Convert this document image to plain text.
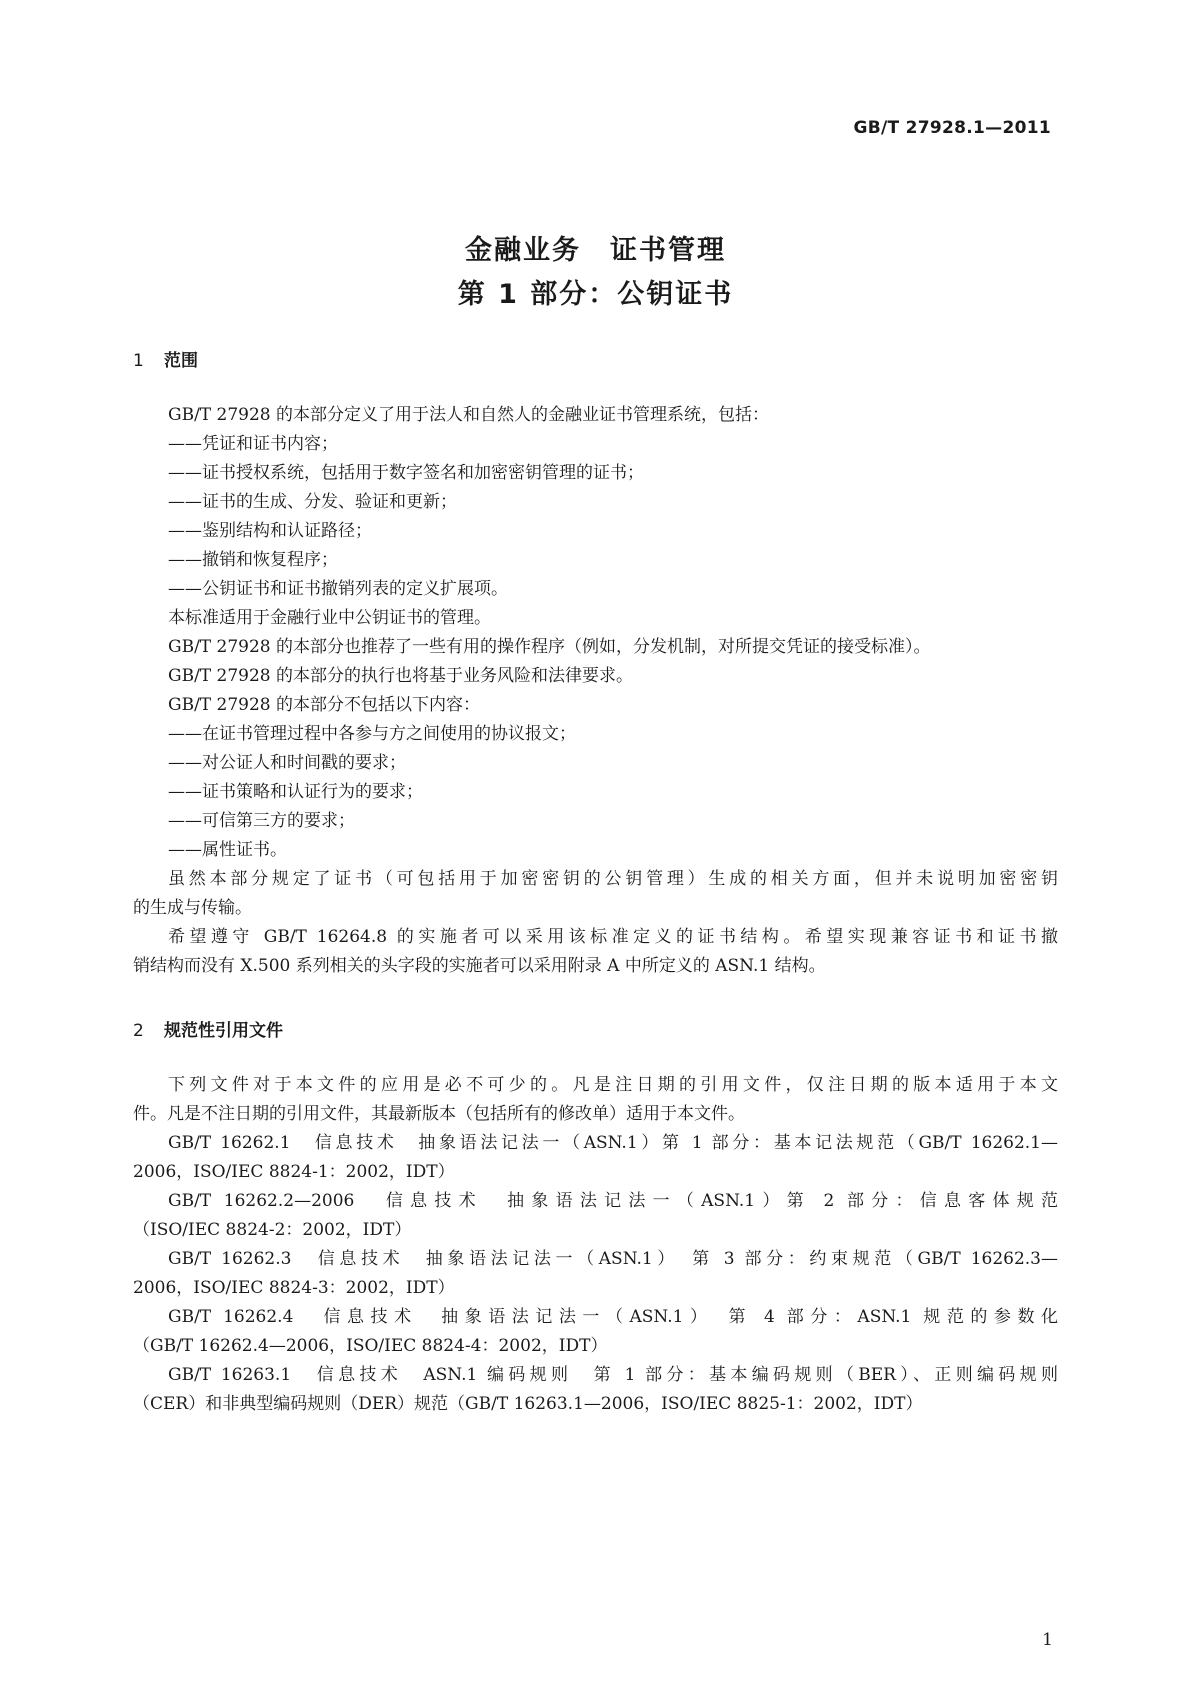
GB/T 27928.1—2011
金融业务　证书管理
第 1 部分：公钥证书
1 范围
GB/T 27928 的本部分定义了用于法人和自然人的金融业证书管理系统，包括：
——凭证和证书内容；
——证书授权系统，包括用于数字签名和加密密钥管理的证书；
——证书的生成、分发、验证和更新；
——鉴别结构和认证路径；
——撤销和恢复程序；
——公钥证书和证书撤销列表的定义扩展项。
本标准适用于金融行业中公钥证书的管理。
GB/T 27928 的本部分也推荐了一些有用的操作程序（例如，分发机制，对所提交凭证的接受标准）。
GB/T 27928 的本部分的执行也将基于业务风险和法律要求。
GB/T 27928 的本部分不包括以下内容：
——在证书管理过程中各参与方之间使用的协议报文；
——对公证人和时间戳的要求；
——证书策略和认证行为的要求；
——可信第三方的要求；
——属性证书。
虽然本部分规定了证书（可包括用于加密密钥的公钥管理）生成的相关方面，但并未说明加密密钥
的生成与传输。
希望遵守 GB/T 16264.8 的实施者可以采用该标准定义的证书结构。希望实现兼容证书和证书撤
销结构而没有 X.500 系列相关的头字段的实施者可以采用附录 A 中所定义的 ASN.1 结构。
2 规范性引用文件
下列文件对于本文件的应用是必不可少的。凡是注日期的引用文件，仅注日期的版本适用于本文
件。凡是不注日期的引用文件，其最新版本（包括所有的修改单）适用于本文件。
GB/T 16262.1　信息技术　抽象语法记法一（ASN.1）第 1 部分：基本记法规范（GB/T 16262.1—
2006，ISO/IEC 8824-1：2002，IDT）
GB/T 16262.2—2006　信息技术　抽象语法记法一（ASN.1）第 2 部分：信息客体规范
（ISO/IEC 8824-2：2002，IDT）
GB/T 16262.3　信息技术　抽象语法记法一（ASN.1）　第 3 部分：约束规范（GB/T 16262.3—
2006，ISO/IEC 8824-3：2002，IDT）
GB/T 16262.4　信息技术　抽象语法记法一（ASN.1）　第 4 部分：ASN.1 规范的参数化
（GB/T 16262.4—2006，ISO/IEC 8824-4：2002，IDT）
GB/T 16263.1　信息技术　ASN.1 编码规则　第 1 部分：基本编码规则（BER）、正则编码规则
（CER）和非典型编码规则（DER）规范（GB/T 16263.1—2006，ISO/IEC 8825-1：2002，IDT）
1
